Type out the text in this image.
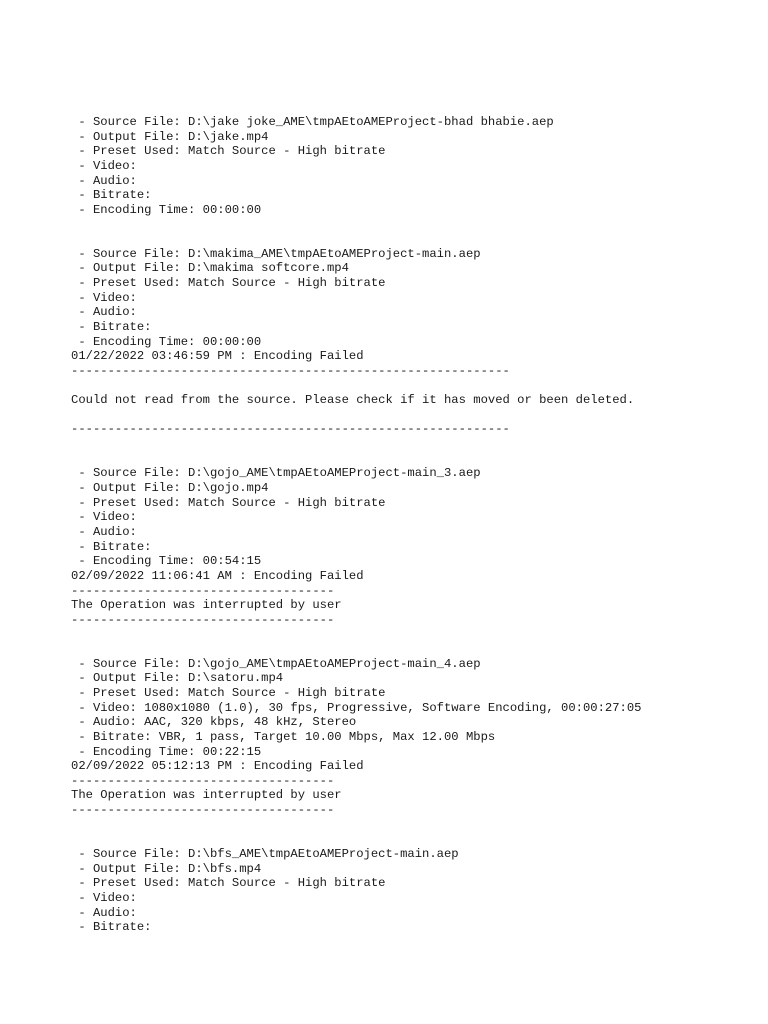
- Source File: D:\jake joke_AME\tmpAEtoAMEProject-bhad bhabie.aep
- Output File: D:\jake.mp4
- Preset Used: Match Source - High bitrate
- Video:
- Audio:
- Bitrate:
- Encoding Time: 00:00:00
- Source File: D:\makima_AME\tmpAEtoAMEProject-main.aep
- Output File: D:\makima softcore.mp4
- Preset Used: Match Source - High bitrate
- Video:
- Audio:
- Bitrate:
- Encoding Time: 00:00:00
01/22/2022 03:46:59 PM : Encoding Failed
------------------------------------------------------------
Could not read from the source. Please check if it has moved or been deleted.
------------------------------------------------------------
- Source File: D:\gojo_AME\tmpAEtoAMEProject-main_3.aep
- Output File: D:\gojo.mp4
- Preset Used: Match Source - High bitrate
- Video:
- Audio:
- Bitrate:
- Encoding Time: 00:54:15
02/09/2022 11:06:41 AM : Encoding Failed
------------------------------------
The Operation was interrupted by user
------------------------------------
- Source File: D:\gojo_AME\tmpAEtoAMEProject-main_4.aep
- Output File: D:\satoru.mp4
- Preset Used: Match Source - High bitrate
- Video: 1080x1080 (1.0), 30 fps, Progressive, Software Encoding, 00:00:27:05
- Audio: AAC, 320 kbps, 48 kHz, Stereo
- Bitrate: VBR, 1 pass, Target 10.00 Mbps, Max 12.00 Mbps
- Encoding Time: 00:22:15
02/09/2022 05:12:13 PM : Encoding Failed
------------------------------------
The Operation was interrupted by user
------------------------------------
- Source File: D:\bfs_AME\tmpAEtoAMEProject-main.aep
- Output File: D:\bfs.mp4
- Preset Used: Match Source - High bitrate
- Video:
- Audio:
- Bitrate:
